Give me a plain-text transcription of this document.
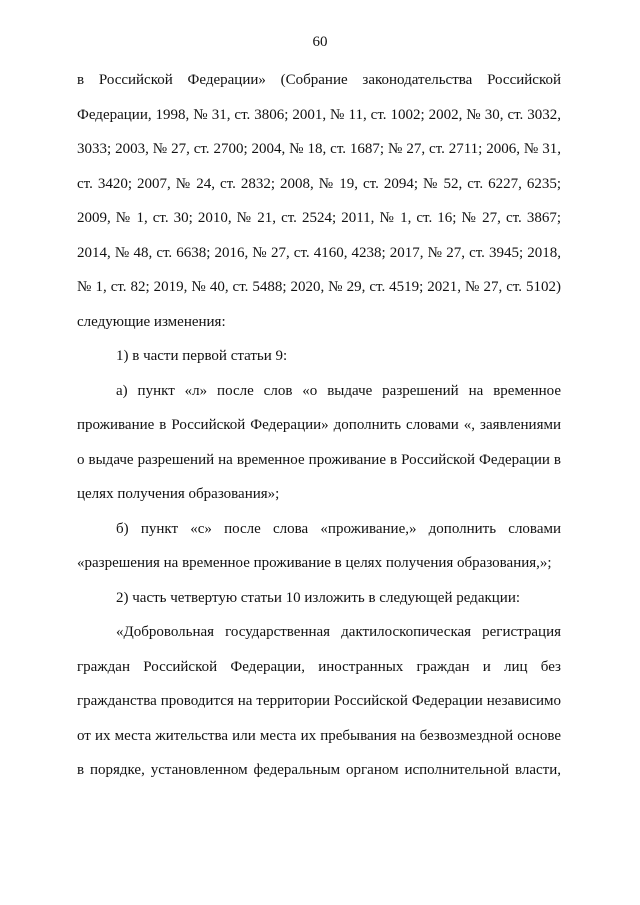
60

в Российской Федерации» (Собрание законодательства Российской Федерации, 1998, № 31, ст. 3806; 2001, № 11, ст. 1002; 2002, № 30, ст. 3032, 3033; 2003, № 27, ст. 2700; 2004, № 18, ст. 1687; № 27, ст. 2711; 2006, № 31, ст. 3420; 2007, № 24, ст. 2832; 2008, № 19, ст. 2094; № 52, ст. 6227, 6235; 2009, № 1, ст. 30; 2010, № 21, ст. 2524; 2011, № 1, ст. 16; № 27, ст. 3867; 2014, № 48, ст. 6638; 2016, № 27, ст. 4160, 4238; 2017, № 27, ст. 3945; 2018, № 1, ст. 82; 2019, № 40, ст. 5488; 2020, № 29, ст. 4519; 2021, № 27, ст. 5102) следующие изменения:

1) в части первой статьи 9:

а) пункт «л» после слов «о выдаче разрешений на временное проживание в Российской Федерации» дополнить словами «, заявлениями о выдаче разрешений на временное проживание в Российской Федерации в целях получения образования»;

б) пункт «с» после слова «проживание,» дополнить словами «разрешения на временное проживание в целях получения образования,»;

2) часть четвертую статьи 10 изложить в следующей редакции:

«Добровольная государственная дактилоскопическая регистрация граждан Российской Федерации, иностранных граждан и лиц без гражданства проводится на территории Российской Федерации независимо от их места жительства или места их пребывания на безвозмездной основе в порядке, установленном федеральным органом исполнительной власти,
